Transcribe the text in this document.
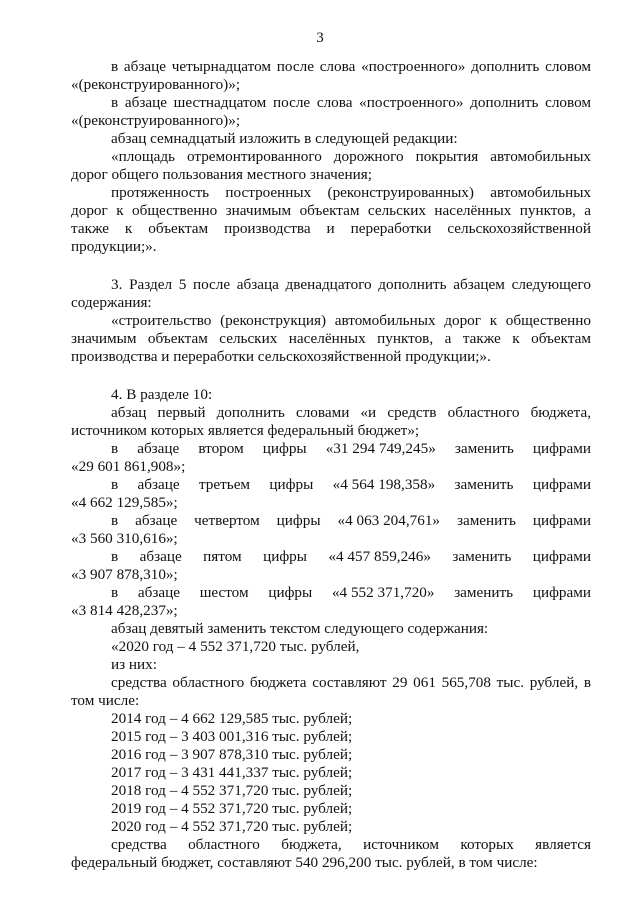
3

в абзаце четырнадцатом после слова «построенного» дополнить словом «(реконструированного)»;

в абзаце шестнадцатом после слова «построенного» дополнить словом «(реконструированного)»;

абзац семнадцатый изложить в следующей редакции:

«площадь отремонтированного дорожного покрытия автомобильных дорог общего пользования местного значения;

протяженность построенных (реконструированных) автомобильных дорог к общественно значимым объектам сельских населённых пунктов, а также к объектам производства и переработки сельскохозяйственной продукции;».

3. Раздел 5 после абзаца двенадцатого дополнить абзацем следующего содержания:

«строительство (реконструкция) автомобильных дорог к общественно значимым объектам сельских населённых пунктов, а также к объектам производства и переработки сельскохозяйственной продукции;».

4. В разделе 10:

абзац первый дополнить словами «и средств областного бюджета, источником которых является федеральный бюджет»;

в абзаце втором цифры «31 294 749,245» заменить цифрами

«29 601 861,908»;

в абзаце третьем цифры «4 564 198,358» заменить цифрами

«4 662 129,585»;

в абзаце четвертом цифры «4 063 204,761» заменить цифрами

«3 560 310,616»;

в абзаце пятом цифры «4 457 859,246» заменить цифрами

«3 907 878,310»;

в абзаце шестом цифры «4 552 371,720» заменить цифрами

«3 814 428,237»;

абзац девятый заменить текстом следующего содержания:

«2020 год – 4 552 371,720 тыс. рублей,

из них:

средства областного бюджета составляют 29 061 565,708 тыс. рублей, в том числе:

2014 год – 4 662 129,585 тыс. рублей;

2015 год – 3 403 001,316 тыс. рублей;

2016 год – 3 907 878,310 тыс. рублей;

2017 год – 3 431 441,337 тыс. рублей;

2018 год – 4 552 371,720 тыс. рублей;

2019 год – 4 552 371,720 тыс. рублей;

2020 год – 4 552 371,720 тыс. рублей;

средства областного бюджета, источником которых является федеральный бюджет, составляют 540 296,200 тыс. рублей, в том числе:
